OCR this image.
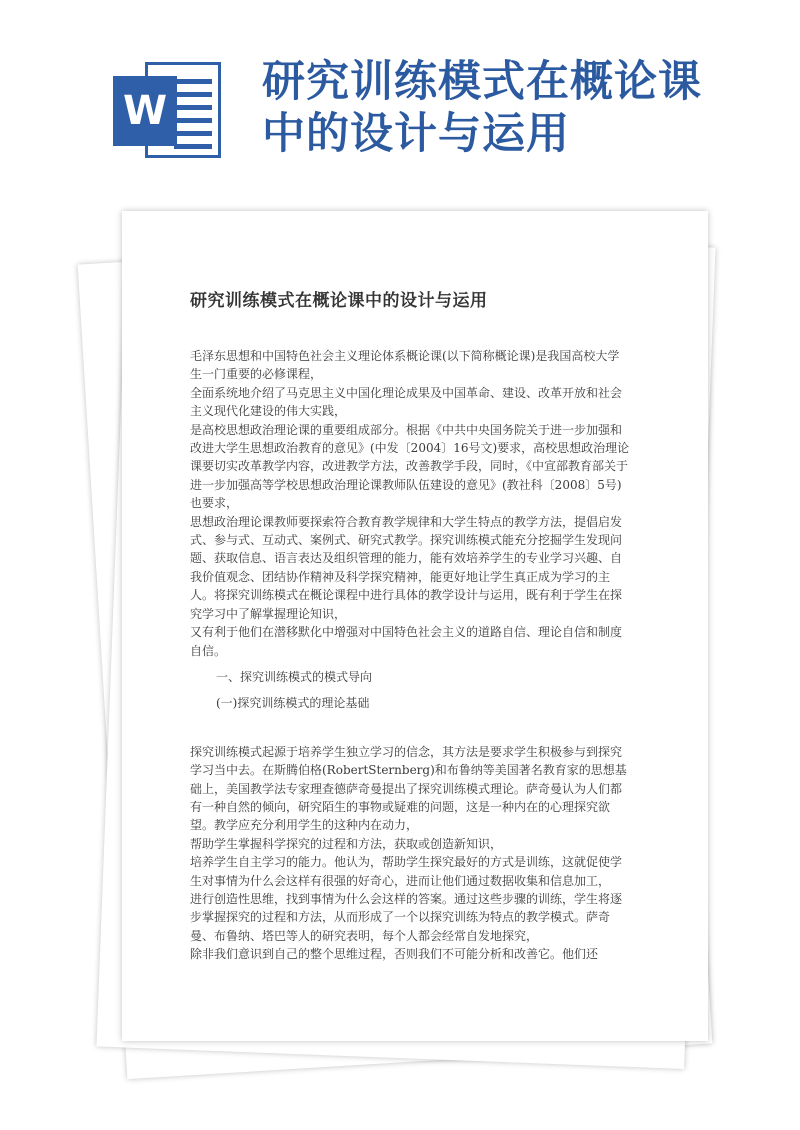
W
研究训练模式在概论课
中的设计与运用
研究训练模式在概论课中的设计与运用

毛泽东思想和中国特色社会主义理论体系概论课(以下简称概论课)是我国高校大学生一门重要的必修课程，

全面系统地介绍了马克思主义中国化理论成果及中国革命、建设、改革开放和社会主义现代化建设的伟大实践，

是高校思想政治理论课的重要组成部分。根据《中共中央国务院关于进一步加强和改进大学生思想政治教育的意见》(中发〔2004〕16号文)要求，高校思想政治理论课要切实改革教学内容，改进教学方法，改善教学手段，同时，《中宣部教育部关于进一步加强高等学校思想政治理论课教师队伍建设的意见》(教社科〔2008〕5号)也要求，

思想政治理论课教师要探索符合教育教学规律和大学生特点的教学方法，提倡启发式、参与式、互动式、案例式、研究式教学。探究训练模式能充分挖掘学生发现问题、获取信息、语言表达及组织管理的能力，能有效培养学生的专业学习兴趣、自我价值观念、团结协作精神及科学探究精神，能更好地让学生真正成为学习的主人。将探究训练模式在概论课程中进行具体的教学设计与运用，既有利于学生在探究学习中了解掌握理论知识，

又有利于他们在潜移默化中增强对中国特色社会主义的道路自信、理论自信和制度自信。

一、探究训练模式的模式导向

(一)探究训练模式的理论基础

探究训练模式起源于培养学生独立学习的信念，其方法是要求学生积极参与到探究学习当中去。在斯腾伯格(RobertSternberg)和布鲁纳等美国著名教育家的思想基础上，美国教学法专家理查德萨奇曼提出了探究训练模式理论。萨奇曼认为人们都有一种自然的倾向，研究陌生的事物或疑难的问题，这是一种内在的心理探究欲望。教学应充分利用学生的这种内在动力，

帮助学生掌握科学探究的过程和方法，获取或创造新知识，

培养学生自主学习的能力。他认为，帮助学生探究最好的方式是训练，这就促使学生对事情为什么会这样有很强的好奇心，进而让他们通过数据收集和信息加工，

进行创造性思维，找到事情为什么会这样的答案。通过这些步骤的训练，学生将逐步掌握探究的过程和方法，从而形成了一个以探究训练为特点的教学模式。萨奇曼、布鲁纳、塔巴等人的研究表明，每个人都会经常自发地探究，

除非我们意识到自己的整个思维过程，否则我们不可能分析和改善它。他们还
